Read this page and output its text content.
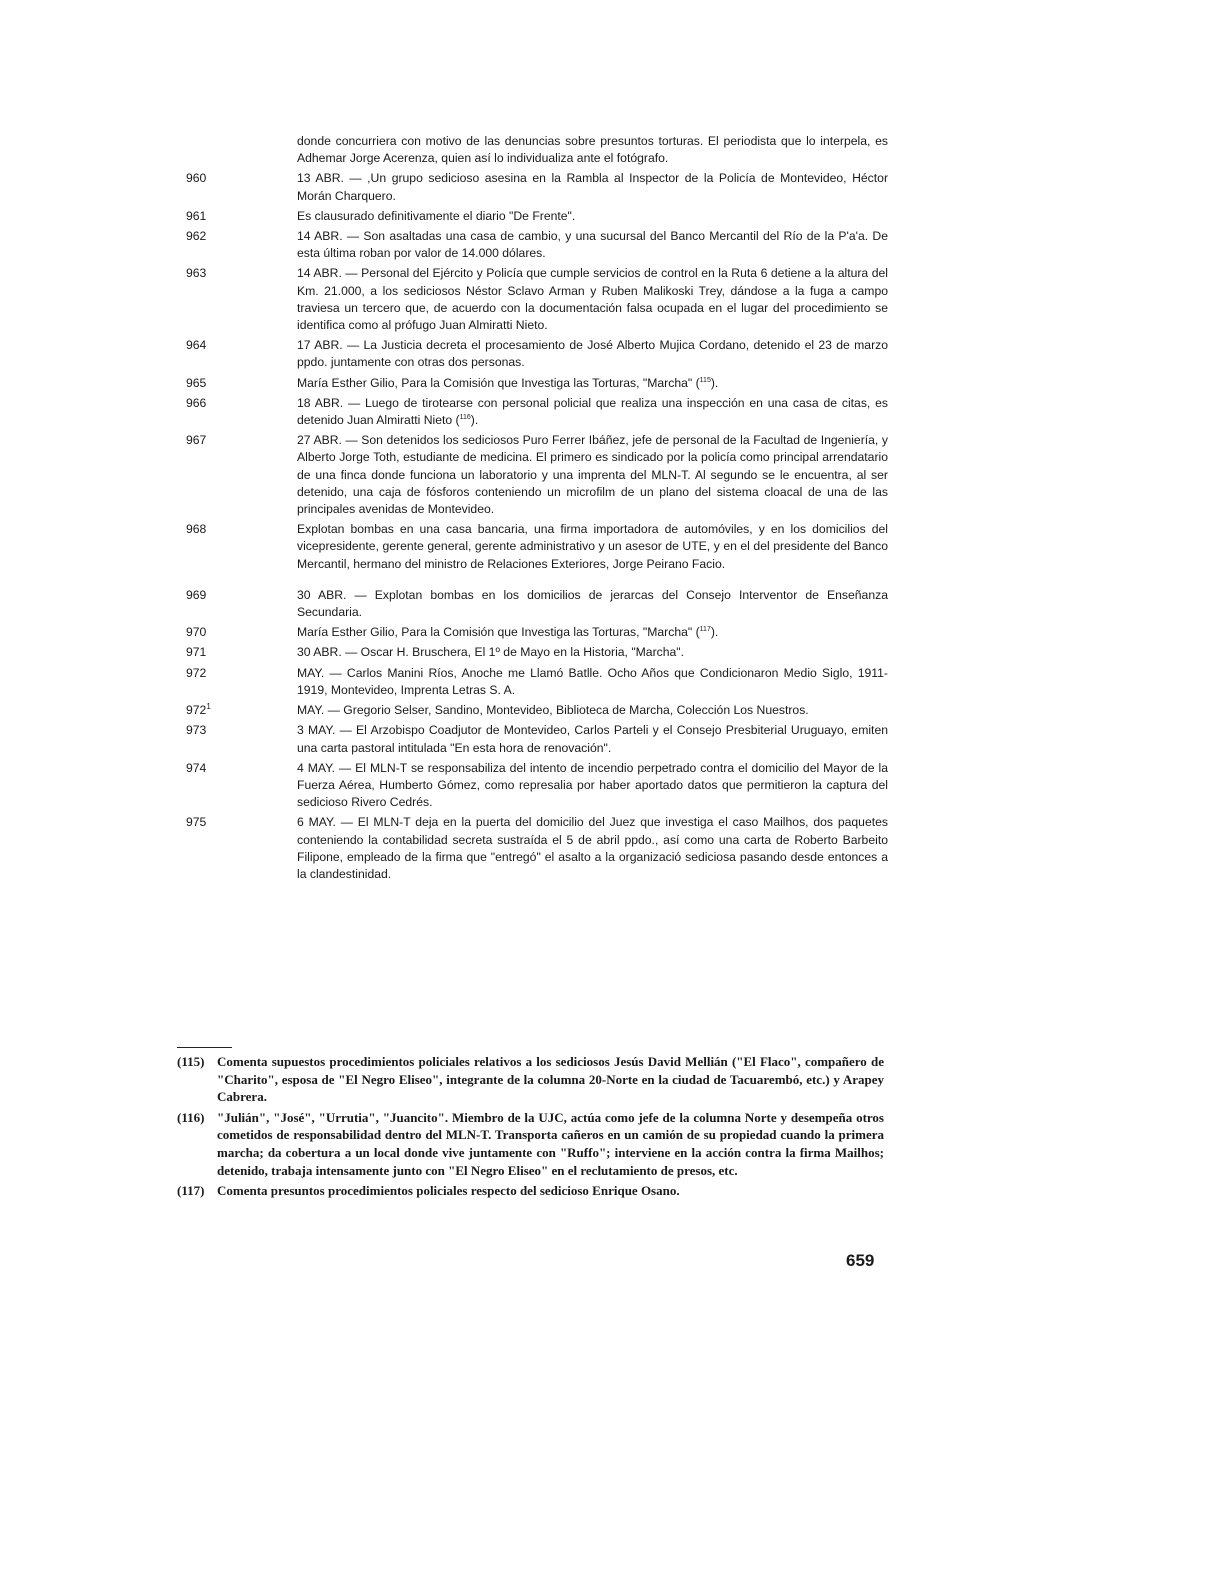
donde concurriera con motivo de las denuncias sobre presuntos torturas. El periodista que lo interpela, es Adhemar Jorge Acerenza, quien así lo individualiza ante el fotógrafo.
960	13 ABR. — ,Un grupo sedicioso asesina en la Rambla al Inspector de la Policía de Montevideo, Héctor Morán Charquero.
961	Es clausurado definitivamente el diario "De Frente".
962	14 ABR. — Son asaltadas una casa de cambio, y una sucursal del Banco Mercantil del Río de la P'a'a. De esta última roban por valor de 14.000 dólares.
963	14 ABR. — Personal del Ejército y Policía que cumple servicios de control en la Ruta 6 detiene a la altura del Km. 21.000, a los sediciosos Néstor Sclavo Arman y Ruben Malikoski Trey, dándose a la fuga a campo traviesa un tercero que, de acuerdo con la documentación falsa ocupada en el lugar del procedimiento se identifica como al prófugo Juan Almiratti Nieto.
964	17 ABR. — La Justicia decreta el procesamiento de José Alberto Mujica Cordano, detenido el 23 de marzo ppdo. juntamente con otras dos personas.
965	María Esther Gilio, Para la Comisión que Investiga las Torturas, "Marcha" ($^{115}$).
966	18 ABR. — Luego de tirotearse con personal policial que realiza una inspección en una casa de citas, es detenido Juan Almiratti Nieto ($^{116}$).
967	27 ABR. — Son detenidos los sediciosos Puro Ferrer Ibáñez, jefe de personal de la Facultad de Ingeniería, y Alberto Jorge Toth, estudiante de medicina. El primero es sindicado por la policía como principal arrendatario de una finca donde funciona un laboratorio y una imprenta del MLN-T. Al segundo se le encuentra, al ser detenido, una caja de fósforos conteniendo un microfilm de un plano del sistema cloacal de una de las principales avenidas de Montevideo.
968	Explotan bombas en una casa bancaria, una firma importadora de automóviles, y en los domicilios del vicepresidente, gerente general, gerente administrativo y un asesor de UTE, y en el del presidente del Banco Mercantil, hermano del ministro de Relaciones Exteriores, Jorge Peirano Facio.
969	30 ABR. — Explotan bombas en los domicilios de jerarcas del Consejo Interventor de Enseñanza Secundaria.
970	María Esther Gilio, Para la Comisión que Investiga las Torturas, "Marcha" ($^{117}$).
971	30 ABR. — Oscar H. Bruschera, El 1º de Mayo en la Historia, "Marcha".
972	MAY. — Carlos Manini Ríos, Anoche me Llamó Batlle. Ocho Años que Condicionaron Medio Siglo, 1911-1919, Montevideo, Imprenta Letras S. A.
$972^1$	MAY. — Gregorio Selser, Sandino, Montevideo, Biblioteca de Marcha, Colección Los Nuestros.
973	3 MAY. — El Arzobispo Coadjutor de Montevideo, Carlos Parteli y el Consejo Presbiterial Uruguayo, emiten una carta pastoral intitulada "En esta hora de renovación".
974	4 MAY. — El MLN-T se responsabiliza del intento de incendio perpetrado contra el domicilio del Mayor de la Fuerza Aérea, Humberto Gómez, como represalia por haber aportado datos que permitieron la captura del sedicioso Rivero Cedrés.
975	6 MAY. — El MLN-T deja en la puerta del domicilio del Juez que investiga el caso Mailhos, dos paquetes conteniendo la contabilidad secreta sustraída el 5 de abril ppdo., así como una carta de Roberto Barbeito Filipone, empleado de la firma que "entregó" el asalto a la organizació sediciosa pasando desde entonces a la clandestinidad.
(115) Comenta supuestos procedimientos policiales relativos a los sediciosos Jesús David Mellián ("El Flaco", compañero de "Charito", esposa de "El Negro Eliseo", integrante de la columna 20-Norte en la ciudad de Tacuarembó, etc.) y Arapey Cabrera.
(116) "Julián", "José", "Urrutia", "Juancito". Miembro de la UJC, actúa como jefe de la columna Norte y desempeña otros cometidos de responsabilidad dentro del MLN-T. Transporta cañeros en un camión de su propiedad cuando la primera marcha; da cobertura a un local donde vive juntamente con "Ruffo"; interviene en la acción contra la firma Mailhos; detenido, trabaja intensamente junto con "El Negro Eliseo" en el reclutamiento de presos, etc.
(117) Comenta presuntos procedimientos policiales respecto del sedicioso Enrique Osano.
659
